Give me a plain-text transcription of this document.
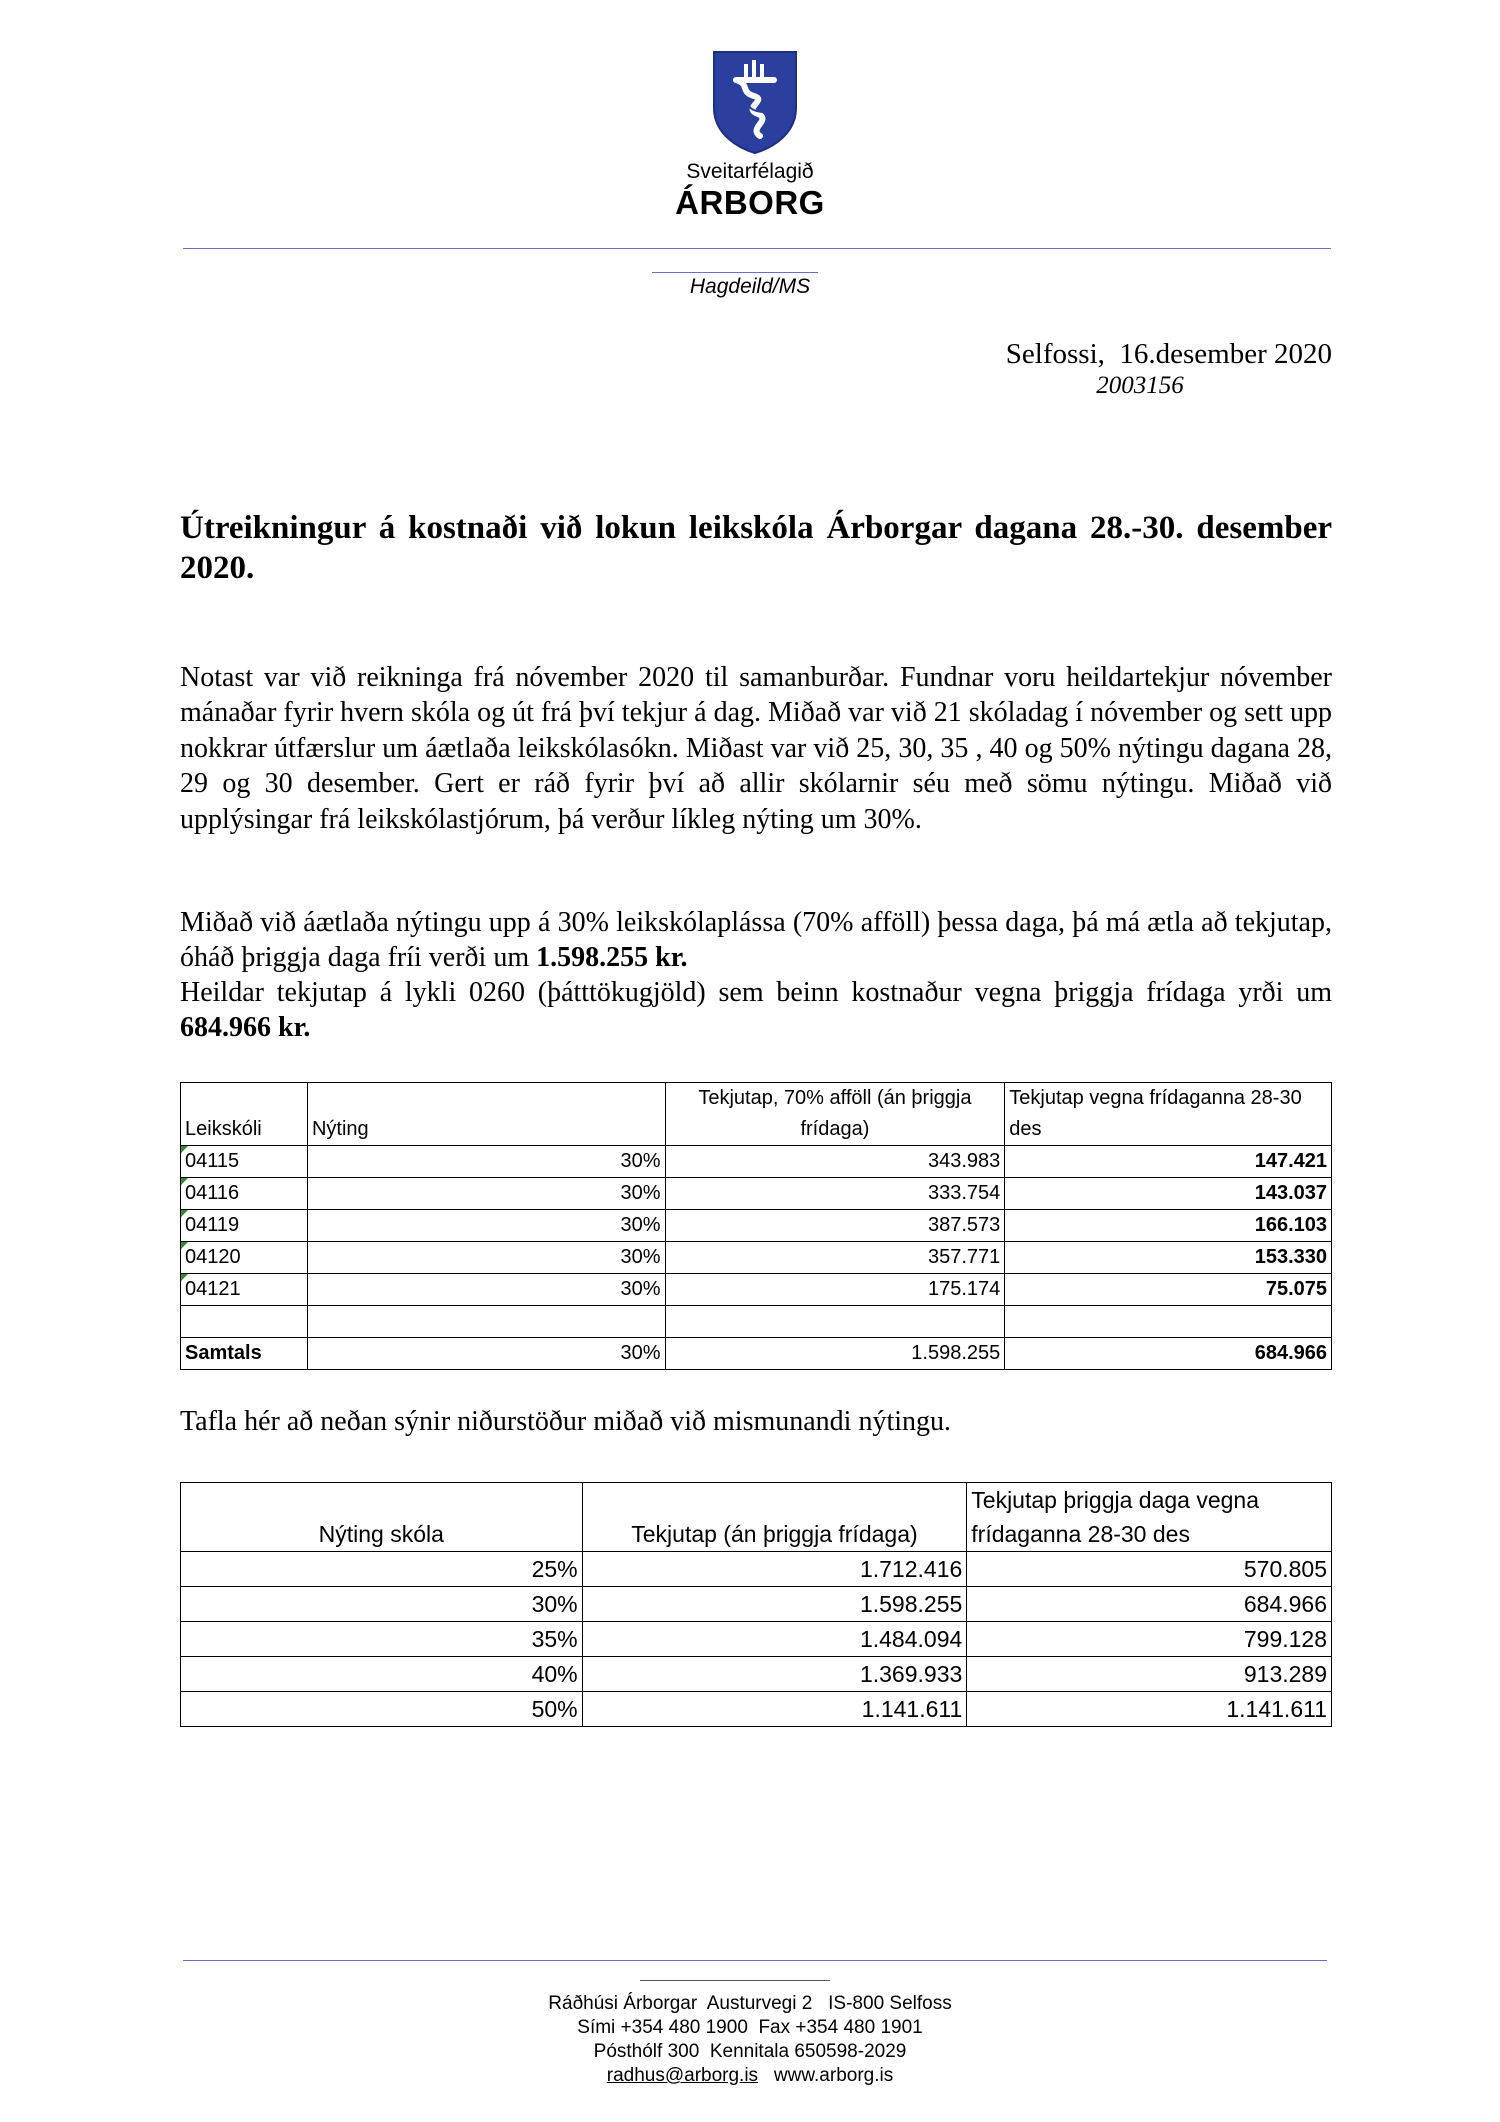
Sveitarfélagið
ÁRBORG
Hagdeild/MS
Selfossi,  16.desember 2020
2003156
Útreikningur á kostnaði við lokun leikskóla Árborgar dagana 28.-30. desember 2020.
Notast var við reikninga frá nóvember 2020 til samanburðar. Fundnar voru heildartekjur nóvember mánaðar fyrir hvern skóla og út frá því tekjur á dag. Miðað var við 21 skóladag í nóvember og sett upp nokkrar útfærslur um áætlaða leikskólasókn. Miðast var við 25, 30, 35 , 40 og 50% nýtingu dagana 28, 29 og 30 desember. Gert er ráð fyrir því að allir skólarnir séu með sömu nýtingu. Miðað við upplýsingar frá leikskólastjórum, þá verður líkleg nýting um 30%.
Miðað við áætlaða nýtingu upp á 30% leikskólaplássa (70% afföll) þessa daga, þá má ætla að tekjutap, óháð þriggja daga fríi verði um 1.598.255 kr.
Heildar tekjutap á lykli 0260 (þátttökugjöld) sem beinn kostnaður vegna þriggja frídaga yrði um 684.966 kr.
Leikskóli	Nýting	Tekjutap, 70% afföll (án þriggja frídaga)	Tekjutap vegna frídaganna 28-30 des
04115	30%	343.983	147.421
04116	30%	333.754	143.037
04119	30%	387.573	166.103
04120	30%	357.771	153.330
04121	30%	175.174	75.075

Samtals	30%	1.598.255	684.966
Tafla hér að neðan sýnir niðurstöður miðað við mismunandi nýtingu.
Nýting skóla	Tekjutap (án þriggja frídaga)	Tekjutap þriggja daga vegna frídaganna 28-30 des
25%	1.712.416	570.805
30%	1.598.255	684.966
35%	1.484.094	799.128
40%	1.369.933	913.289
50%	1.141.611	1.141.611
Ráðhúsi Árborgar  Austurvegi 2   IS-800 Selfoss
Sími +354 480 1900  Fax +354 480 1901
Pósthólf 300  Kennitala 650598-2029
radhus@arborg.is www.arborg.is
